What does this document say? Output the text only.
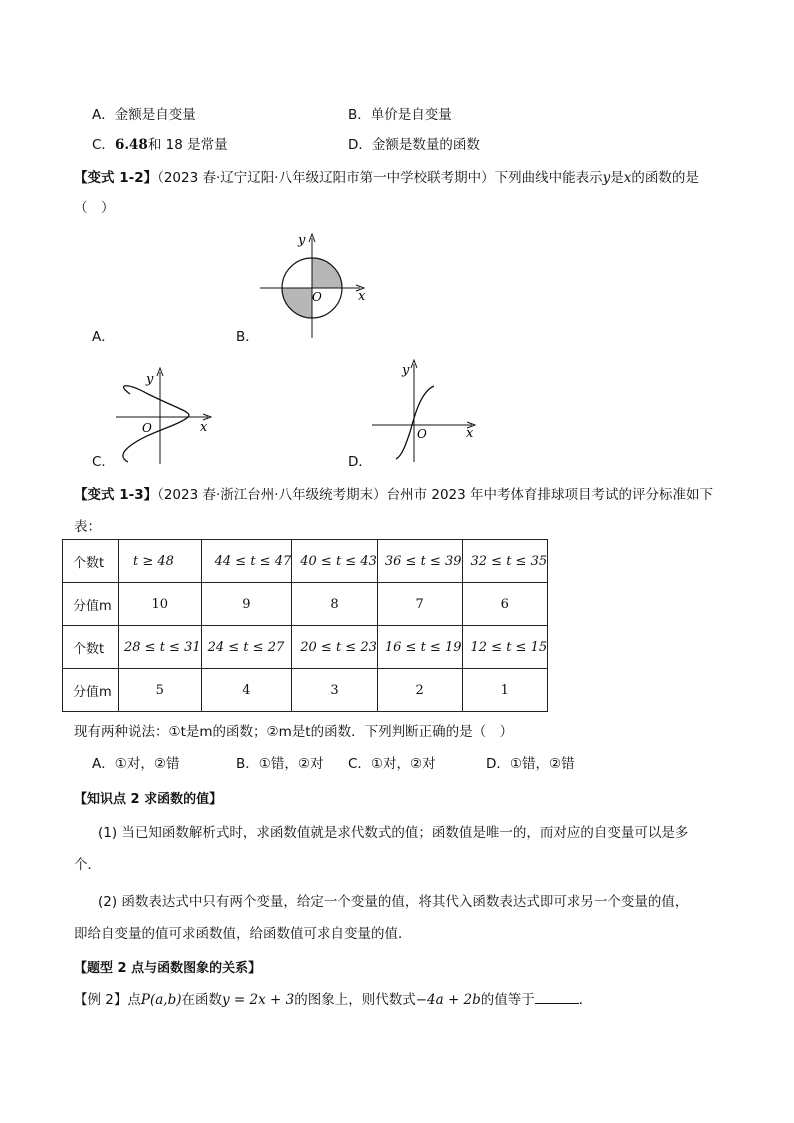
A．金额是自变量	B．单价是自变量
C．6.48和 18 是常量	D．金额是数量的函数
【变式 1-2】（2023 春·辽宁辽阳·八年级辽阳市第一中学校联考期中）下列曲线中能表示y是x的函数的是
（　）
A．	B．
y
x
O
y
x
O
y
x
O
C．	D．
【变式 1-3】（2023 春·浙江台州·八年级统考期末）台州市 2023 年中考体育排球项目考试的评分标准如下
表：
个数t	t ≥ 48	44 ≤ t ≤ 47	40 ≤ t ≤ 43	36 ≤ t ≤ 39	32 ≤ t ≤ 35
分值m	10	9	8	7	6
个数t	28 ≤ t ≤ 31	24 ≤ t ≤ 27	20 ≤ t ≤ 23	16 ≤ t ≤ 19	12 ≤ t ≤ 15
分值m	5	4	3	2	1
现有两种说法：①t是m的函数；②m是t的函数．下列判断正确的是（　）
A．①对，②错	B．①错，②对 C．①对，②对	D．①错，②错
【知识点 2 求函数的值】
(1) 当已知函数解析式时，求函数值就是求代数式的值；函数值是唯一的，而对应的自变量可以是多
个．
(2) 函数表达式中只有两个变量，给定一个变量的值，将其代入函数表达式即可求另一个变量的值，
即给自变量的值可求函数值，给函数值可求自变量的值．
【题型 2 点与函数图象的关系】
【例 2】点P(a,b)在函数y = 2x + 3的图象上，则代数式−4a + 2b的值等于	．
